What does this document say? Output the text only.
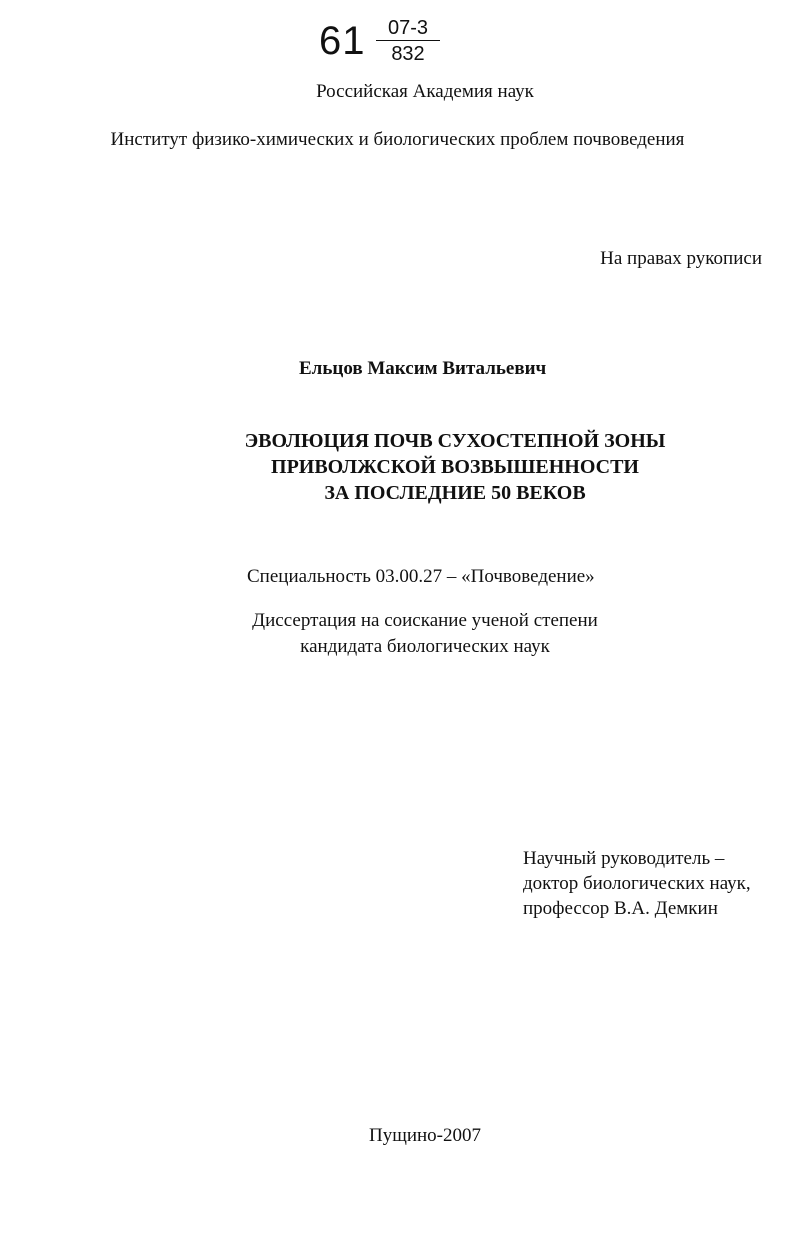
61	07-3
832
Российская Академия наук
Институт физико-химических и биологических проблем почвоведения
На правах рукописи
Ельцов Максим Витальевич
ЭВОЛЮЦИЯ ПОЧВ СУХОСТЕПНОЙ ЗОНЫ
ПРИВОЛЖСКОЙ ВОЗВЫШЕННОСТИ
ЗА ПОСЛЕДНИЕ 50 ВЕКОВ
Специальность 03.00.27 – «Почвоведение»
Диссертация на соискание ученой степени
кандидата биологических наук
Научный руководитель –
доктор биологических наук,
профессор В.А. Демкин
Пущино-2007
